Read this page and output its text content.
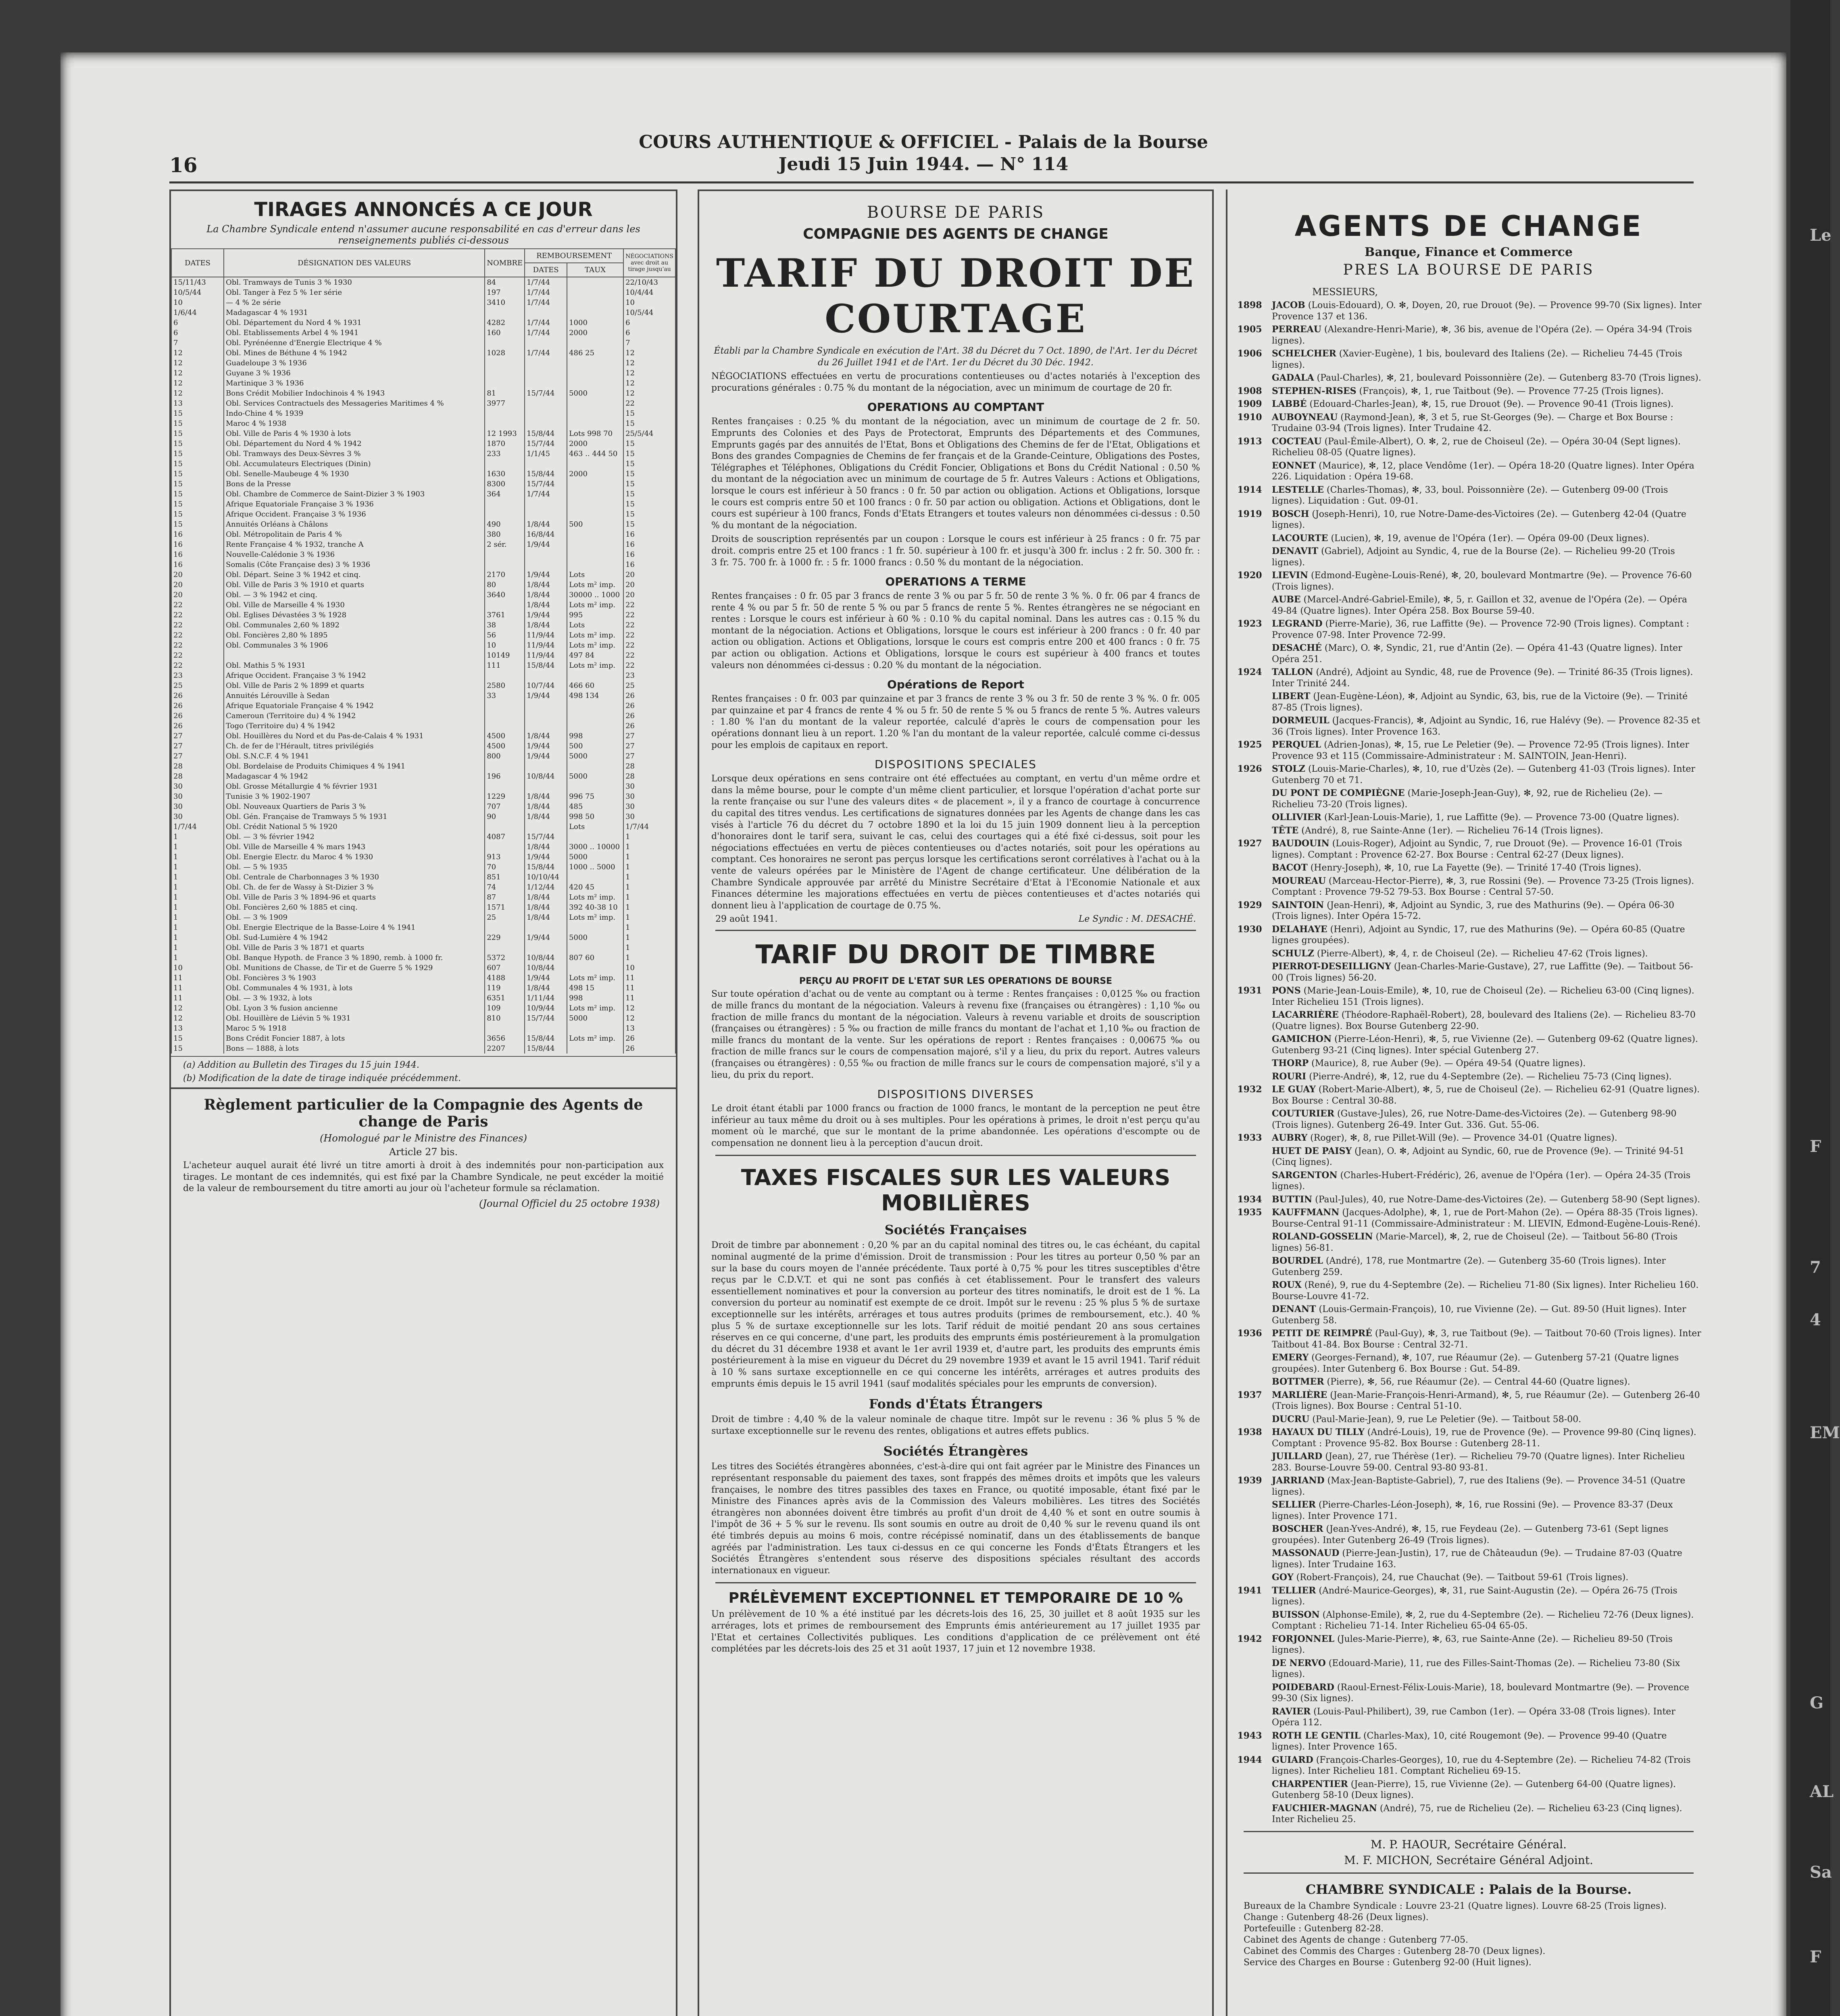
Le
F
7
4
EM
G
AL
Sa
F
COURS AUTHENTIQUE & OFFICIEL - Palais de la Bourse
Jeudi 15 Juin 1944. — N° 114
16
TIRAGES ANNONCÉS A CE JOUR
La Chambre Syndicale entend n'assumer aucune responsabilité en cas d'erreur dans les renseignements publiés ci-dessous
DATES	DÉSIGNATION DES VALEURS	NOMBRE	REMBOURSEMENT		NÉGOCIATIONS avec droit au tirage jusqu'au
			DATES	TAUX	
15/11/43	Obl. Tramways de Tunis 3 % 1930	84	1/7/44		22/10/43
10/5/44	Obl. Tanger à Fez 5 % 1er série	197	1/7/44		10/4/44
10	— 4 % 2e série	3410	1/7/44		10
1/6/44	Madagascar 4 % 1931				10/5/44
6	Obl. Département du Nord 4 % 1931	4282	1/7/44	1000	6
6	Obl. Etablissements Arbel 4 % 1941	160	1/7/44	2000	6
7	Obl. Pyrénéenne d'Energie Electrique 4 %				7
12	Obl. Mines de Béthune 4 % 1942	1028	1/7/44	486 25	12
12	Guadeloupe 3 % 1936				12
12	Guyane 3 % 1936				12
12	Martinique 3 % 1936				12
12	Bons Crédit Mobilier Indochinois 4 % 1943	81	15/7/44	5000	12
13	Obl. Services Contractuels des Messageries Maritimes 4 %	3977			22
15	Indo-Chine 4 % 1939				15
15	Maroc 4 % 1938				15
15	Obl. Ville de Paris 4 % 1930 à lots	12 1993	15/8/44	Lots 998 70	25/5/44
15	Obl. Département du Nord 4 % 1942	1870	15/7/44	2000	15
15	Obl. Tramways des Deux-Sèvres 3 %	233	1/1/45	463 .. 444 50	15
15	Obl. Accumulateurs Electriques (Dinin)				15
15	Obl. Senelle-Maubeuge 4 % 1930	1630	15/8/44	2000	15
15	Bons de la Presse	8300	15/7/44		15
15	Obl. Chambre de Commerce de Saint-Dizier 3 % 1903	364	1/7/44		15
15	Afrique Equatoriale Française 3 % 1936				15
15	Afrique Occident. Française 3 % 1936				15
15	Annuités Orléans à Châlons	490	1/8/44	500	15
16	Obl. Métropolitain de Paris 4 %	380	16/8/44		16
16	Rente Française 4 % 1932, tranche A	2 sér.	1/9/44		16
16	Nouvelle-Calédonie 3 % 1936				16
16	Somalis (Côte Française des) 3 % 1936				16
20	Obl. Départ. Seine 3 % 1942 et cinq.	2170	1/9/44	Lots	20
20	Obl. Ville de Paris 3 % 1910 et quarts	80	1/8/44	Lots m² imp.	20
20	Obl. — 3 % 1942 et cinq.	3640	1/8/44	30000 .. 1000	20
22	Obl. Ville de Marseille 4 % 1930		1/8/44	Lots m² imp.	22
22	Obl. Eglises Dévastées 3 % 1928	3761	1/9/44	995	22
22	Obl. Communales 2,60 % 1892	38	1/8/44	Lots	22
22	Obl. Foncières 2,80 % 1895	56	11/9/44	Lots m² imp.	22
22	Obl. Communales 3 % 1906	10	11/9/44	Lots m² imp.	22
22		10149	11/9/44	497 84	22
22	Obl. Mathis 5 % 1931	111	15/8/44	Lots m² imp.	22
23	Afrique Occident. Française 3 % 1942				23
25	Obl. Ville de Paris 2 % 1899 et quarts	2580	10/7/44	466 60	25
26	Annuités Lérouville à Sedan	33	1/9/44	498 134	26
26	Afrique Equatoriale Française 4 % 1942				26
26	Cameroun (Territoire du) 4 % 1942				26
26	Togo (Territoire du) 4 % 1942				26
27	Obl. Houillères du Nord et du Pas-de-Calais 4 % 1931	4500	1/8/44	998	27
27	Ch. de fer de l'Hérault, titres privilégiés	4500	1/9/44	500	27
27	Obl. S.N.C.F. 4 % 1941	800	1/9/44	5000	27
28	Obl. Bordelaise de Produits Chimiques 4 % 1941				28
28	Madagascar 4 % 1942	196	10/8/44	5000	28
30	Obl. Grosse Métallurgie 4 % février 1931				30
30	Tunisie 3 % 1902-1907	1229	1/8/44	996 75	30
30	Obl. Nouveaux Quartiers de Paris 3 %	707	1/8/44	485	30
30	Obl. Gén. Française de Tramways 5 % 1931	90	1/8/44	998 50	30
1/7/44	Obl. Crédit National 5 % 1920			Lots	1/7/44
1	Obl. — 3 % février 1942	4087	15/7/44		1
1	Obl. Ville de Marseille 4 % mars 1943		1/8/44	3000 .. 10000	1
1	Obl. Energie Electr. du Maroc 4 % 1930	913	1/9/44	5000	1
1	Obl. — 5 % 1935	70	15/8/44	1000 .. 5000	1
1	Obl. Centrale de Charbonnages 3 % 1930	851	10/10/44		1
1	Obl. Ch. de fer de Wassy à St-Dizier 3 %	74	1/12/44	420 45	1
1	Obl. Ville de Paris 3 % 1894-96 et quarts	87	1/8/44	Lots m² imp.	1
1	Obl. Foncières 2,60 % 1885 et cinq.	1571	1/8/44	392 40-38 10	1
1	Obl. — 3 % 1909	25	1/8/44	Lots m² imp.	1
1	Obl. Energie Electrique de la Basse-Loire 4 % 1941				1
1	Obl. Sud-Lumière 4 % 1942	229	1/9/44	5000	1
1	Obl. Ville de Paris 3 % 1871 et quarts				1
1	Obl. Banque Hypoth. de France 3 % 1890, remb. à 1000 fr.	5372	10/8/44	807 60	1
10	Obl. Munitions de Chasse, de Tir et de Guerre 5 % 1929	607	10/8/44		10
11	Obl. Foncières 3 % 1903	4188	1/9/44	Lots m² imp.	11
11	Obl. Communales 4 % 1931, à lots	119	1/8/44	498 15	11
11	Obl. — 3 % 1932, à lots	6351	1/11/44	998	11
12	Obl. Lyon 3 % fusion ancienne	109	10/9/44	Lots m² imp.	12
12	Obl. Houillère de Liévin 5 % 1931	810	15/7/44	5000	12
13	Maroc 5 % 1918				13
15	Bons Crédit Foncier 1887, à lots	3656	15/8/44	Lots m² imp.	26
15	Bons — 1888, à lots	2207	15/8/44		26
(a) Addition au Bulletin des Tirages du 15 juin 1944.
(b) Modification de la date de tirage indiquée précédemment.
Règlement particulier de la Compagnie des Agents de change de Paris
(Homologué par le Ministre des Finances)
Article 27 bis.
L'acheteur auquel aurait été livré un titre amorti à droit à des indemnités pour non-participation aux tirages. Le montant de ces indemnités, qui est fixé par la Chambre Syndicale, ne peut excéder la moitié de la valeur de remboursement du titre amorti au jour où l'acheteur formule sa réclamation.
(Journal Officiel du 25 octobre 1938)
BOURSE DE PARIS
COMPAGNIE DES AGENTS DE CHANGE
TARIF DU DROIT DE COURTAGE
Établi par la Chambre Syndicale en exécution de l'Art. 38 du Décret du 7 Oct. 1890, de l'Art. 1er du Décret du 26 Juillet 1941 et de l'Art. 1er du Décret du 30 Déc. 1942.
NÉGOCIATIONS effectuées en vertu de procurations contentieuses ou d'actes notariés à l'exception des procurations générales : 0.75 % du montant de la négociation, avec un minimum de courtage de 20 fr.
OPERATIONS AU COMPTANT
Rentes françaises : 0.25 % du montant de la négociation, avec un minimum de courtage de 2 fr. 50. Emprunts des Colonies et des Pays de Protectorat, Emprunts des Départements et des Communes, Emprunts gagés par des annuités de l'Etat, Bons et Obligations des Chemins de fer de l'Etat, Obligations et Bons des grandes Compagnies de Chemins de fer français et de la Grande-Ceinture, Obligations des Postes, Télégraphes et Téléphones, Obligations du Crédit Foncier, Obligations et Bons du Crédit National : 0.50 % du montant de la négociation avec un minimum de courtage de 5 fr. Autres Valeurs : Actions et Obligations, lorsque le cours est inférieur à 50 francs : 0 fr. 50 par action ou obligation. Actions et Obligations, lorsque le cours est compris entre 50 et 100 francs : 0 fr. 50 par action ou obligation. Actions et Obligations, dont le cours est supérieur à 100 francs, Fonds d'Etats Etrangers et toutes valeurs non dénommées ci-dessus : 0.50 % du montant de la négociation.
Droits de souscription représentés par un coupon : Lorsque le cours est inférieur à 25 francs : 0 fr. 75 par droit. compris entre 25 et 100 francs : 1 fr. 50. supérieur à 100 fr. et jusqu'à 300 fr. inclus : 2 fr. 50. 300 fr. : 3 fr. 75. 700 fr. à 1000 fr. : 5 fr. 1000 francs : 0.50 % du montant de la négociation.
OPERATIONS A TERME
Rentes françaises : 0 fr. 05 par 3 francs de rente 3 % ou par 5 fr. 50 de rente 3 % %. 0 fr. 06 par 4 francs de rente 4 % ou par 5 fr. 50 de rente 5 % ou par 5 francs de rente 5 %. Rentes étrangères ne se négociant en rentes : Lorsque le cours est inférieur à 60 % : 0.10 % du capital nominal. Dans les autres cas : 0.15 % du montant de la négociation. Actions et Obligations, lorsque le cours est inférieur à 200 francs : 0 fr. 40 par action ou obligation. Actions et Obligations, lorsque le cours est compris entre 200 et 400 francs : 0 fr. 75 par action ou obligation. Actions et Obligations, lorsque le cours est supérieur à 400 francs et toutes valeurs non dénommées ci-dessus : 0.20 % du montant de la négociation.
Opérations de Report
Rentes françaises : 0 fr. 003 par quinzaine et par 3 francs de rente 3 % ou 3 fr. 50 de rente 3 % %. 0 fr. 005 par quinzaine et par 4 francs de rente 4 % ou 5 fr. 50 de rente 5 % ou 5 francs de rente 5 %. Autres valeurs : 1.80 % l'an du montant de la valeur reportée, calculé d'après le cours de compensation pour les opérations donnant lieu à un report. 1.20 % l'an du montant de la valeur reportée, calculé comme ci-dessus pour les emplois de capitaux en report.
DISPOSITIONS SPECIALES
Lorsque deux opérations en sens contraire ont été effectuées au comptant, en vertu d'un même ordre et dans la même bourse, pour le compte d'un même client particulier, et lorsque l'opération d'achat porte sur la rente française ou sur l'une des valeurs dites « de placement », il y a franco de courtage à concurrence du capital des titres vendus. Les certifications de signatures données par les Agents de change dans les cas visés à l'article 76 du décret du 7 octobre 1890 et la loi du 15 juin 1909 donnent lieu à la perception d'honoraires dont le tarif sera, suivant le cas, celui des courtages qui a été fixé ci-dessus, soit pour les négociations effectuées en vertu de pièces contentieuses ou d'actes notariés, soit pour les opérations au comptant. Ces honoraires ne seront pas perçus lorsque les certifications seront corrélatives à l'achat ou à la vente de valeurs opérées par le Ministère de l'Agent de change certificateur. Une délibération de la Chambre Syndicale approuvée par arrêté du Ministre Secrétaire d'Etat à l'Economie Nationale et aux Finances détermine les majorations effectuées en vertu de pièces contentieuses et d'actes notariés qui donnent lieu à l'application de courtage de 0.75 %.
29 août 1941.	Le Syndic : M. DESACHÉ.
TARIF DU DROIT DE TIMBRE
PERÇU AU PROFIT DE L'ETAT SUR LES OPERATIONS DE BOURSE
Sur toute opération d'achat ou de vente au comptant ou à terme : Rentes françaises : 0,0125 ‰ ou fraction de mille francs du montant de la négociation. Valeurs à revenu fixe (françaises ou étrangères) : 1,10 ‰ ou fraction de mille francs du montant de la négociation. Valeurs à revenu variable et droits de souscription (françaises ou étrangères) : 5 ‰ ou fraction de mille francs du montant de l'achat et 1,10 ‰ ou fraction de mille francs du montant de la vente. Sur les opérations de report : Rentes françaises : 0,00675 ‰ ou fraction de mille francs sur le cours de compensation majoré, s'il y a lieu, du prix du report. Autres valeurs (françaises ou étrangères) : 0,55 ‰ ou fraction de mille francs sur le cours de compensation majoré, s'il y a lieu, du prix du report.
DISPOSITIONS DIVERSES
Le droit étant établi par 1000 francs ou fraction de 1000 francs, le montant de la perception ne peut être inférieur au taux même du droit ou à ses multiples. Pour les opérations à primes, le droit n'est perçu qu'au moment où le marché, que sur le montant de la prime abandonnée. Les opérations d'escompte ou de compensation ne donnent lieu à la perception d'aucun droit.
TAXES FISCALES SUR LES VALEURS MOBILIÈRES
Sociétés Françaises
Droit de timbre par abonnement : 0,20 % par an du capital nominal des titres ou, le cas échéant, du capital nominal augmenté de la prime d'émission. Droit de transmission : Pour les titres au porteur 0,50 % par an sur la base du cours moyen de l'année précédente. Taux porté à 0,75 % pour les titres susceptibles d'être reçus par le C.D.V.T. et qui ne sont pas confiés à cet établissement. Pour le transfert des valeurs essentiellement nominatives et pour la conversion au porteur des titres nominatifs, le droit est de 1 %. La conversion du porteur au nominatif est exempte de ce droit. Impôt sur le revenu : 25 % plus 5 % de surtaxe exceptionnelle sur les intérêts, arrérages et tous autres produits (primes de remboursement, etc.). 40 % plus 5 % de surtaxe exceptionnelle sur les lots. Tarif réduit de moitié pendant 20 ans sous certaines réserves en ce qui concerne, d'une part, les produits des emprunts émis postérieurement à la promulgation du décret du 31 décembre 1938 et avant le 1er avril 1939 et, d'autre part, les produits des emprunts émis postérieurement à la mise en vigueur du Décret du 29 novembre 1939 et avant le 15 avril 1941. Tarif réduit à 10 % sans surtaxe exceptionnelle en ce qui concerne les intérêts, arrérages et autres produits des emprunts émis depuis le 15 avril 1941 (sauf modalités spéciales pour les emprunts de conversion).
Fonds d'États Étrangers
Droit de timbre : 4,40 % de la valeur nominale de chaque titre. Impôt sur le revenu : 36 % plus 5 % de surtaxe exceptionnelle sur le revenu des rentes, obligations et autres effets publics.
Sociétés Étrangères
Les titres des Sociétés étrangères abonnées, c'est-à-dire qui ont fait agréer par le Ministre des Finances un représentant responsable du paiement des taxes, sont frappés des mêmes droits et impôts que les valeurs françaises, le nombre des titres passibles des taxes en France, ou quotité imposable, étant fixé par le Ministre des Finances après avis de la Commission des Valeurs mobilières. Les titres des Sociétés étrangères non abonnées doivent être timbrés au profit d'un droit de 4,40 % et sont en outre soumis à l'impôt de 36 + 5 % sur le revenu. Ils sont soumis en outre au droit de 0,40 % sur le revenu quand ils ont été timbrés depuis au moins 6 mois, contre récépissé nominatif, dans un des établissements de banque agréés par l'administration. Les taux ci-dessus en ce qui concerne les Fonds d'États Étrangers et les Sociétés Étrangères s'entendent sous réserve des dispositions spéciales résultant des accords internationaux en vigueur.
PRÉLÈVEMENT EXCEPTIONNEL ET TEMPORAIRE DE 10 %
Un prélèvement de 10 % a été institué par les décrets-lois des 16, 25, 30 juillet et 8 août 1935 sur les arrérages, lots et primes de remboursement des Emprunts émis antérieurement au 17 juillet 1935 par l'Etat et certaines Collectivités publiques. Les conditions d'application de ce prélèvement ont été complétées par les décrets-lois des 25 et 31 août 1937, 17 juin et 12 novembre 1938.
AGENTS DE CHANGE
Banque, Finance et Commerce
PRES LA BOURSE DE PARIS
MESSIEURS,
1898	JACOB (Louis-Edouard), O. ✻, Doyen, 20, rue Drouot (9e). — Provence 99-70 (Six lignes). Inter Provence 137 et 136.
1905	PERREAU (Alexandre-Henri-Marie), ✻, 36 bis, avenue de l'Opéra (2e). — Opéra 34-94 (Trois lignes).
1906	SCHELCHER (Xavier-Eugène), 1 bis, boulevard des Italiens (2e). — Richelieu 74-45 (Trois lignes).
GADALA (Paul-Charles), ✻, 21, boulevard Poissonnière (2e). — Gutenberg 83-70 (Trois lignes).
1908	STEPHEN-RISES (François), ✻, 1, rue Taitbout (9e). — Provence 77-25 (Trois lignes).
1909	LABBÉ (Edouard-Charles-Jean), ✻, 15, rue Drouot (9e). — Provence 90-41 (Trois lignes).
1910	AUBOYNEAU (Raymond-Jean), ✻, 3 et 5, rue St-Georges (9e). — Charge et Box Bourse : Trudaine 03-94 (Trois lignes). Inter Trudaine 42.
1913	COCTEAU (Paul-Émile-Albert), O. ✻, 2, rue de Choiseul (2e). — Opéra 30-04 (Sept lignes). Richelieu 08-05 (Quatre lignes).
EONNET (Maurice), ✻, 12, place Vendôme (1er). — Opéra 18-20 (Quatre lignes). Inter Opéra 226. Liquidation : Opéra 19-68.
1914	LESTELLE (Charles-Thomas), ✻, 33, boul. Poissonnière (2e). — Gutenberg 09-00 (Trois lignes). Liquidation : Gut. 09-01.
1919	BOSCH (Joseph-Henri), 10, rue Notre-Dame-des-Victoires (2e). — Gutenberg 42-04 (Quatre lignes).
LACOURTE (Lucien), ✻, 19, avenue de l'Opéra (1er). — Opéra 09-00 (Deux lignes).
DENAVIT (Gabriel), Adjoint au Syndic, 4, rue de la Bourse (2e). — Richelieu 99-20 (Trois lignes).
1920	LIEVIN (Edmond-Eugène-Louis-René), ✻, 20, boulevard Montmartre (9e). — Provence 76-60 (Trois lignes).
AUBE (Marcel-André-Gabriel-Emile), ✻, 5, r. Gaillon et 32, avenue de l'Opéra (2e). — Opéra 49-84 (Quatre lignes). Inter Opéra 258. Box Bourse 59-40.
1923	LEGRAND (Pierre-Marie), 36, rue Laffitte (9e). — Provence 72-90 (Trois lignes). Comptant : Provence 07-98. Inter Provence 72-99.
DESACHÉ (Marc), O. ✻, Syndic, 21, rue d'Antin (2e). — Opéra 41-43 (Quatre lignes). Inter Opéra 251.
1924	TALLON (André), Adjoint au Syndic, 48, rue de Provence (9e). — Trinité 86-35 (Trois lignes). Inter Trinité 244.
LIBERT (Jean-Eugène-Léon), ✻, Adjoint au Syndic, 63, bis, rue de la Victoire (9e). — Trinité 87-85 (Trois lignes).
DORMEUIL (Jacques-Francis), ✻, Adjoint au Syndic, 16, rue Halévy (9e). — Provence 82-35 et 36 (Trois lignes). Inter Provence 163.
1925	PERQUEL (Adrien-Jonas), ✻, 15, rue Le Peletier (9e). — Provence 72-95 (Trois lignes). Inter Provence 93 et 115 (Commissaire-Administrateur : M. SAINTOIN, Jean-Henri).
1926	STOLZ (Louis-Marie-Charles), ✻, 10, rue d'Uzès (2e). — Gutenberg 41-03 (Trois lignes). Inter Gutenberg 70 et 71.
DU PONT DE COMPIÈGNE (Marie-Joseph-Jean-Guy), ✻, 92, rue de Richelieu (2e). — Richelieu 73-20 (Trois lignes).
OLLIVIER (Karl-Jean-Louis-Marie), 1, rue Laffitte (9e). — Provence 73-00 (Quatre lignes).
TÊTE (André), 8, rue Sainte-Anne (1er). — Richelieu 76-14 (Trois lignes).
1927	BAUDOUIN (Louis-Roger), Adjoint au Syndic, 7, rue Drouot (9e). — Provence 16-01 (Trois lignes). Comptant : Provence 62-27. Box Bourse : Central 62-27 (Deux lignes).
BACOT (Henry-Joseph), ✻, 10, rue La Fayette (9e). — Trinité 17-40 (Trois lignes).
MOUREAU (Marceau-Hector-Pierre), ✻, 3, rue Rossini (9e). — Provence 73-25 (Trois lignes). Comptant : Provence 79-52 79-53. Box Bourse : Central 57-50.
1929	SAINTOIN (Jean-Henri), ✻, Adjoint au Syndic, 3, rue des Mathurins (9e). — Opéra 06-30 (Trois lignes). Inter Opéra 15-72.
1930	DELAHAYE (Henri), Adjoint au Syndic, 17, rue des Mathurins (9e). — Opéra 60-85 (Quatre lignes groupées).
SCHULZ (Pierre-Albert), ✻, 4, r. de Choiseul (2e). — Richelieu 47-62 (Trois lignes).
PIERROT-DESEILLIGNY (Jean-Charles-Marie-Gustave), 27, rue Laffitte (9e). — Taitbout 56-00 (Trois lignes) 56-20.
1931	PONS (Marie-Jean-Louis-Emile), ✻, 10, rue de Choiseul (2e). — Richelieu 63-00 (Cinq lignes). Inter Richelieu 151 (Trois lignes).
LACARRIÈRE (Théodore-Raphaël-Robert), 28, boulevard des Italiens (2e). — Richelieu 83-70 (Quatre lignes). Box Bourse Gutenberg 22-90.
GAMICHON (Pierre-Léon-Henri), ✻, 5, rue Vivienne (2e). — Gutenberg 09-62 (Quatre lignes). Gutenberg 93-21 (Cinq lignes). Inter spécial Gutenberg 27.
THORP (Maurice), 8, rue Auber (9e). — Opéra 49-54 (Quatre lignes).
ROURI (Pierre-André), ✻, 12, rue du 4-Septembre (2e). — Richelieu 75-73 (Cinq lignes).
1932	LE GUAY (Robert-Marie-Albert), ✻, 5, rue de Choiseul (2e). — Richelieu 62-91 (Quatre lignes). Box Bourse : Central 30-88.
COUTURIER (Gustave-Jules), 26, rue Notre-Dame-des-Victoires (2e). — Gutenberg 98-90 (Trois lignes). Gutenberg 26-49. Inter Gut. 336. Gut. 55-06.
1933	AUBRY (Roger), ✻, 8, rue Pillet-Will (9e). — Provence 34-01 (Quatre lignes).
HUET DE PAISY (Jean), O. ✻, Adjoint au Syndic, 60, rue de Provence (9e). — Trinité 94-51 (Cinq lignes).
SARGENTON (Charles-Hubert-Frédéric), 26, avenue de l'Opéra (1er). — Opéra 24-35 (Trois lignes).
1934	BUTTIN (Paul-Jules), 40, rue Notre-Dame-des-Victoires (2e). — Gutenberg 58-90 (Sept lignes).
1935	KAUFFMANN (Jacques-Adolphe), ✻, 1, rue de Port-Mahon (2e). — Opéra 88-35 (Trois lignes). Bourse-Central 91-11 (Commissaire-Administrateur : M. LIEVIN, Edmond-Eugène-Louis-René).
ROLAND-GOSSELIN (Marie-Marcel), ✻, 2, rue de Choiseul (2e). — Taitbout 56-80 (Trois lignes) 56-81.
BOURDEL (André), 178, rue Montmartre (2e). — Gutenberg 35-60 (Trois lignes). Inter Gutenberg 259.
ROUX (René), 9, rue du 4-Septembre (2e). — Richelieu 71-80 (Six lignes). Inter Richelieu 160. Bourse-Louvre 41-72.
DENANT (Louis-Germain-François), 10, rue Vivienne (2e). — Gut. 89-50 (Huit lignes). Inter Gutenberg 58.
1936	PETIT DE REIMPRÉ (Paul-Guy), ✻, 3, rue Taitbout (9e). — Taitbout 70-60 (Trois lignes). Inter Taitbout 41-84. Box Bourse : Central 32-71.
EMERY (Georges-Fernand), ✻, 107, rue Réaumur (2e). — Gutenberg 57-21 (Quatre lignes groupées). Inter Gutenberg 6. Box Bourse : Gut. 54-89.
BOTTMER (Pierre), ✻, 56, rue Réaumur (2e). — Central 44-60 (Quatre lignes).
1937	MARLIÈRE (Jean-Marie-François-Henri-Armand), ✻, 5, rue Réaumur (2e). — Gutenberg 26-40 (Trois lignes). Box Bourse : Central 51-10.
DUCRU (Paul-Marie-Jean), 9, rue Le Peletier (9e). — Taitbout 58-00.
1938	HAYAUX DU TILLY (André-Louis), 19, rue de Provence (9e). — Provence 99-80 (Cinq lignes). Comptant : Provence 95-82. Box Bourse : Gutenberg 28-11.
JUILLARD (Jean), 27, rue Thérèse (1er). — Richelieu 79-70 (Quatre lignes). Inter Richelieu 283. Bourse-Louvre 59-00. Central 93-80 93-81.
1939	JARRIAND (Max-Jean-Baptiste-Gabriel), 7, rue des Italiens (9e). — Provence 34-51 (Quatre lignes).
SELLIER (Pierre-Charles-Léon-Joseph), ✻, 16, rue Rossini (9e). — Provence 83-37 (Deux lignes). Inter Provence 171.
BOSCHER (Jean-Yves-André), ✻, 15, rue Feydeau (2e). — Gutenberg 73-61 (Sept lignes groupées). Inter Gutenberg 26-49 (Trois lignes).
MASSONAUD (Pierre-Jean-Justin), 17, rue de Châteaudun (9e). — Trudaine 87-03 (Quatre lignes). Inter Trudaine 163.
GOY (Robert-François), 24, rue Chauchat (9e). — Taitbout 59-61 (Trois lignes).
1941	TELLIER (André-Maurice-Georges), ✻, 31, rue Saint-Augustin (2e). — Opéra 26-75 (Trois lignes).
BUISSON (Alphonse-Emile), ✻, 2, rue du 4-Septembre (2e). — Richelieu 72-76 (Deux lignes). Comptant : Richelieu 71-14. Inter Richelieu 65-04 65-05.
1942	FORJONNEL (Jules-Marie-Pierre), ✻, 63, rue Sainte-Anne (2e). — Richelieu 89-50 (Trois lignes).
DE NERVO (Edouard-Marie), 11, rue des Filles-Saint-Thomas (2e). — Richelieu 73-80 (Six lignes).
POIDEBARD (Raoul-Ernest-Félix-Louis-Marie), 18, boulevard Montmartre (9e). — Provence 99-30 (Six lignes).
RAVIER (Louis-Paul-Philibert), 39, rue Cambon (1er). — Opéra 33-08 (Trois lignes). Inter Opéra 112.
1943	ROTH LE GENTIL (Charles-Max), 10, cité Rougemont (9e). — Provence 99-40 (Quatre lignes). Inter Provence 165.
1944	GUIARD (François-Charles-Georges), 10, rue du 4-Septembre (2e). — Richelieu 74-82 (Trois lignes). Inter Richelieu 181. Comptant Richelieu 69-15.
CHARPENTIER (Jean-Pierre), 15, rue Vivienne (2e). — Gutenberg 64-00 (Quatre lignes). Gutenberg 58-10 (Deux lignes).
FAUCHIER-MAGNAN (André), 75, rue de Richelieu (2e). — Richelieu 63-23 (Cinq lignes). Inter Richelieu 25.
M. P. HAOUR, Secrétaire Général.
M. F. MICHON, Secrétaire Général Adjoint.
CHAMBRE SYNDICALE : Palais de la Bourse.
Bureaux de la Chambre Syndicale : Louvre 23-21 (Quatre lignes). Louvre 68-25 (Trois lignes).
Change : Gutenberg 48-26 (Deux lignes).
Portefeuille : Gutenberg 82-28.
Cabinet des Agents de change : Gutenberg 77-05.
Cabinet des Commis des Charges : Gutenberg 28-70 (Deux lignes).
Service des Charges en Bourse : Gutenberg 92-00 (Huit lignes).
